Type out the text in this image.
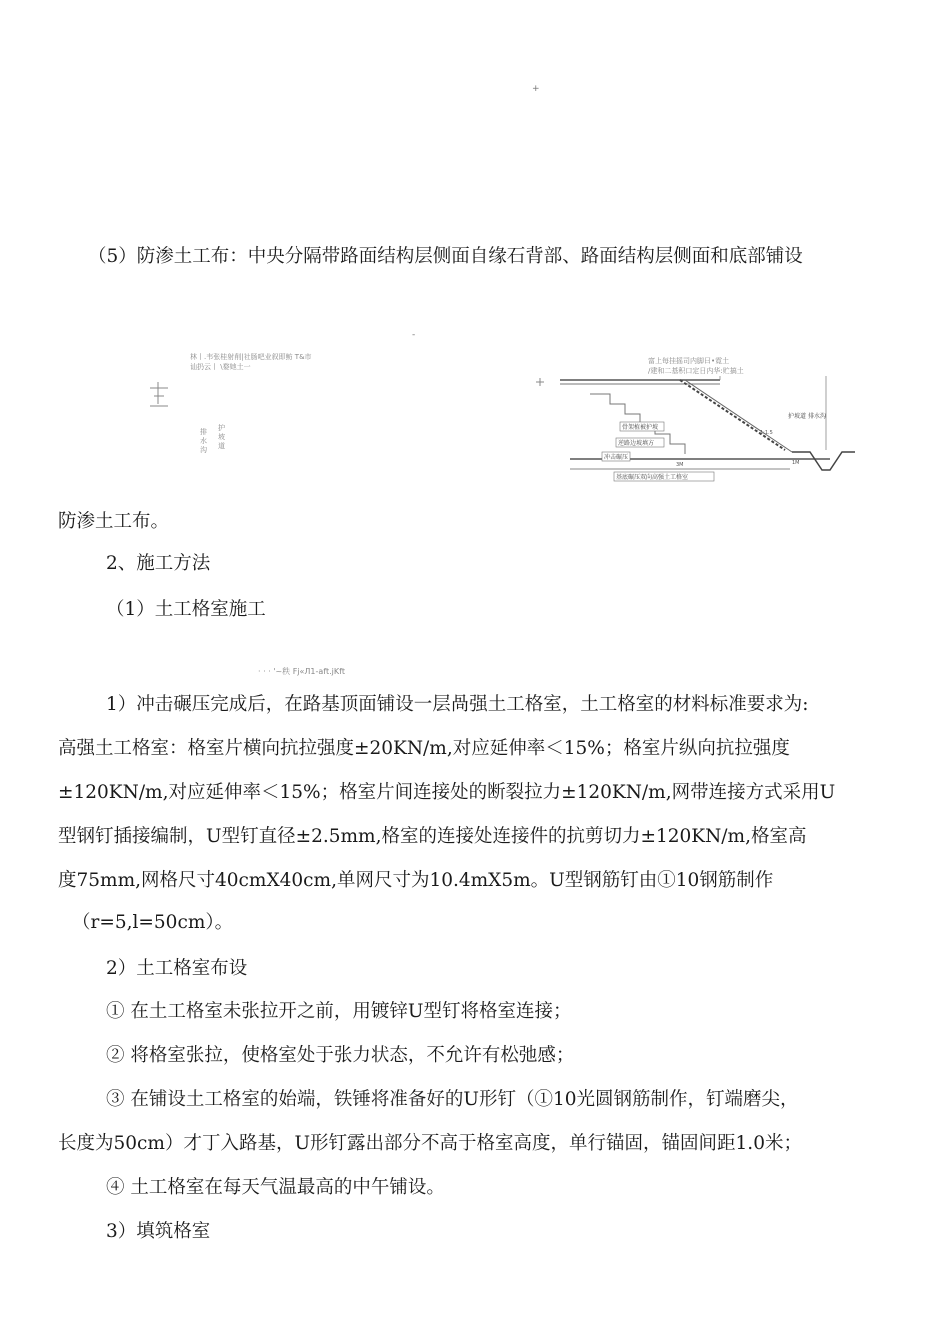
+
（5）防渗土工布：中央分隔带路面结构层侧面自缘石背部、路面结构层侧面和底部铺设
-
林丨.韦张桂射削|社肠吧业叙即鲂 T&市
讪扔云丨 \婺她土一
排水沟
护坡道
富上每挂摇司内脚曰•霓土
/建和二基积口定日内华:贮搞土
骨架植被护坡
逆路边坡填方
冲击碾压
基底碾压双向高强土工格室
护坡道 排水沟
1:1.5
3M	1M
防渗土工布。
2、施工方法
（1）土工格室施工
· · · '~秩 Fj«Л1-aft.jKft
1）冲击碾压完成后，在路基顶面铺设一层咼强土工格室，土工格室的材料标准要求为:
高强土工格室：格室片横向抗拉强度±20KN/m,对应延伸率＜15%；格室片纵向抗拉强度
±120KN/m,对应延伸率＜15%；格室片间连接处的断裂拉力±120KN/m,网带连接方式采用U
型钢钉插接编制，U型钉直径±2.5mm,格室的连接处连接件的抗剪切力±120KN/m,格室高
度75mm,网格尺寸40cmX40cm,单网尺寸为10.4mX5m。U型钢筋钉由①10钢筋制作
（r=5,l=50cm）。
2）土工格室布设
① 在土工格室未张拉开之前，用镀锌U型钉将格室连接；
② 将格室张拉，使格室处于张力状态，不允许有松弛感；
③ 在铺设土工格室的始端，铁锤将准备好的U形钉（①10光圆钢筋制作，钉端磨尖，
长度为50cm）才丁入路基，U形钉露出部分不高于格室高度，单行锚固，锚固间距1.0米；
④ 土工格室在每天气温最高的中午铺设。
3）填筑格室
